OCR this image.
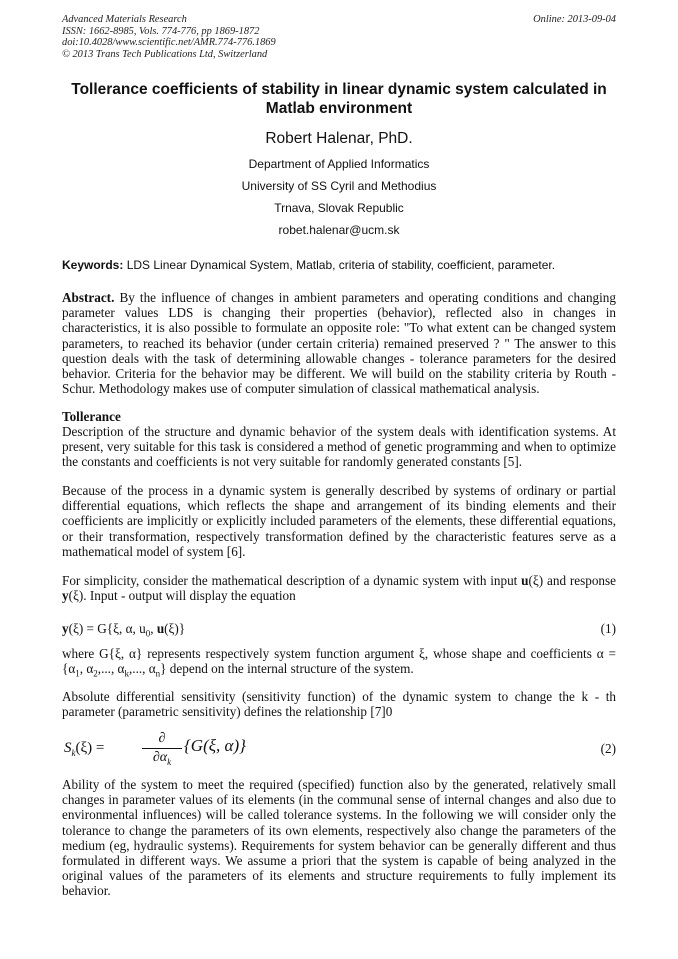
Advanced Materials Research
ISSN: 1662-8985, Vols. 774-776, pp 1869-1872
doi:10.4028/www.scientific.net/AMR.774-776.1869
© 2013 Trans Tech Publications Ltd, Switzerland
Online: 2013-09-04
Tollerance coefficients of stability in linear dynamic system calculated in Matlab environment
Robert Halenar, PhD.
Department of Applied Informatics
University of SS Cyril and Methodius
Trnava, Slovak Republic
robet.halenar@ucm.sk
Keywords: LDS Linear Dynamical System, Matlab, criteria of stability, coefficient, parameter.
Abstract. By the influence of changes in ambient parameters and operating conditions and changing parameter values LDS is changing their properties (behavior), reflected also in changes in characteristics, it is also possible to formulate an opposite role: "To what extent can be changed system parameters, to reached its behavior (under certain criteria) remained preserved ? " The answer to this question deals with the task of determining allowable changes - tolerance parameters for the desired behavior. Criteria for the behavior may be different. We will build on the stability criteria by Routh - Schur. Methodology makes use of computer simulation of classical mathematical analysis.
Tollerance
Description of the structure and dynamic behavior of the system deals with identification systems. At present, very suitable for this task is considered a method of genetic programming and when to optimize the constants and coefficients is not very suitable for randomly generated constants [5].
Because of the process in a dynamic system is generally described by systems of ordinary or partial differential equations, which reflects the shape and arrangement of its binding elements and their coefficients are implicitly or explicitly included parameters of the elements, these differential equations, or their transformation, respectively transformation defined by the characteristic features serve as a mathematical model of system [6].
For simplicity, consider the mathematical description of a dynamic system with input u(ξ) and response y(ξ). Input - output will display the equation
y(ξ) = G{ξ, α, $u_0$, u(ξ)}	(1)
where G{ξ, α} represents respectively system function argument ξ, whose shape and coefficients $\alpha = \{\alpha_1$, $\alpha_2$,..., $\alpha_k$,..., $\alpha_n$} depend on the internal structure of the system.
Absolute differential sensitivity (sensitivity function) of the dynamic system to change the k - th parameter (parametric sensitivity) defines the relationship [7]0
$S_k(\xi)$ =
∂
$\partial\alpha_k$
{G(ξ, α)}	(2)
Ability of the system to meet the required (specified) function also by the generated, relatively small changes in parameter values of its elements (in the communal sense of internal changes and also due to environmental influences) will be called tolerance systems. In the following we will consider only the tolerance to change the parameters of its own elements, respectively also change the parameters of the medium (eg, hydraulic systems). Requirements for system behavior can be generally different and thus formulated in different ways. We assume a priori that the system is capable of being analyzed in the original values of the parameters of its elements and structure requirements to fully implement its behavior.
